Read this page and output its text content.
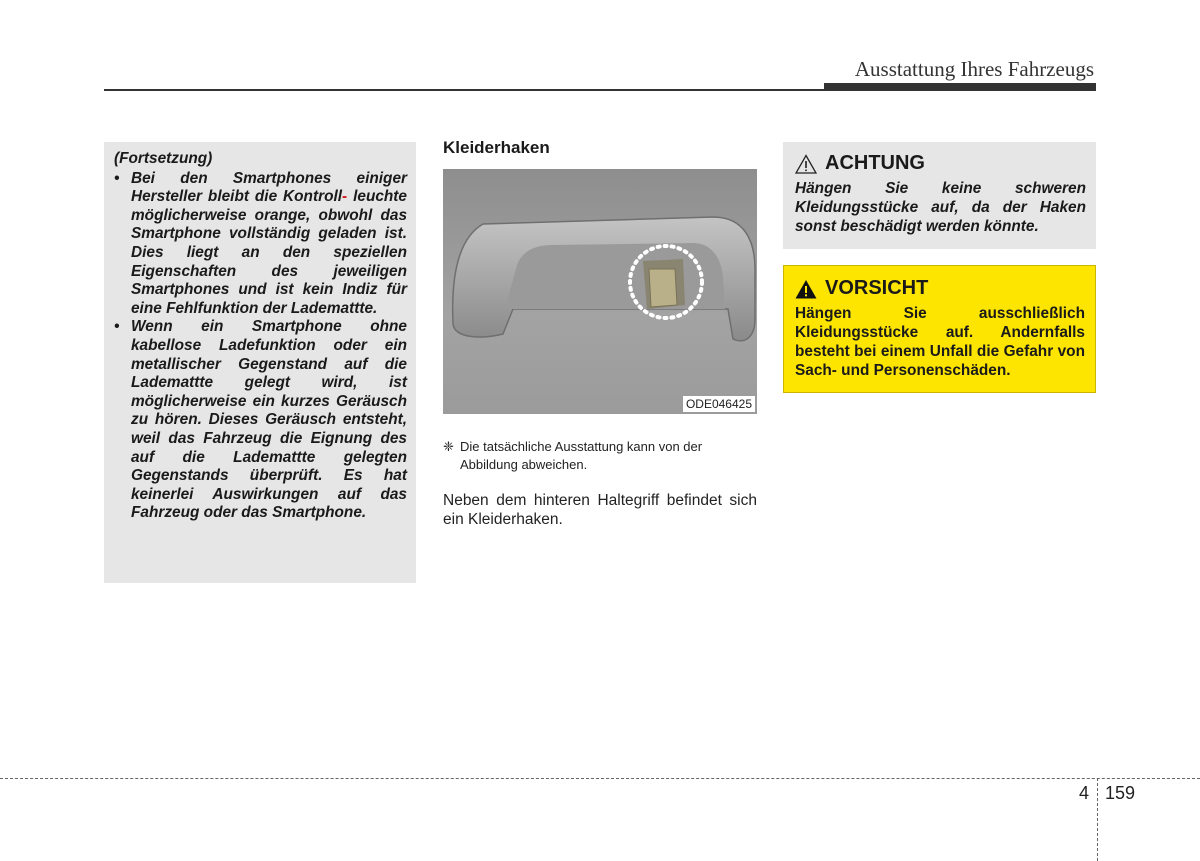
Ausstattung Ihres Fahrzeugs
(Fortsetzung)
• Bei den Smartphones einiger Hersteller bleibt die Kontroll- leuchte möglicherweise orange, obwohl das Smartphone vollständig geladen ist. Dies liegt an den speziellen Eigenschaften des jeweiligen Smartphones und ist kein Indiz für eine Fehlfunktion der Lademattte.
• Wenn ein Smartphone ohne kabellose Ladefunktion oder ein metallischer Gegenstand auf die Lademattte gelegt wird, ist möglicherweise ein kurzes Geräusch zu hören. Dieses Geräusch entsteht, weil das Fahrzeug die Eignung des auf die Lademattte gelegten Gegenstands überprüft. Es hat keinerlei Auswirkungen auf das Fahrzeug oder das Smartphone.
Kleiderhaken
ODE046425
❈ Die tatsächliche Ausstattung kann von der Abbildung abweichen.
Neben dem hinteren Haltegriff befindet sich ein Kleiderhaken.
ACHTUNG
Hängen Sie keine schweren Kleidungsstücke auf, da der Haken sonst beschädigt werden könnte.
VORSICHT
Hängen Sie ausschließlich Kleidungsstücke auf. Andernfalls besteht bei einem Unfall die Gefahr von Sach- und Personenschäden.
4 159
